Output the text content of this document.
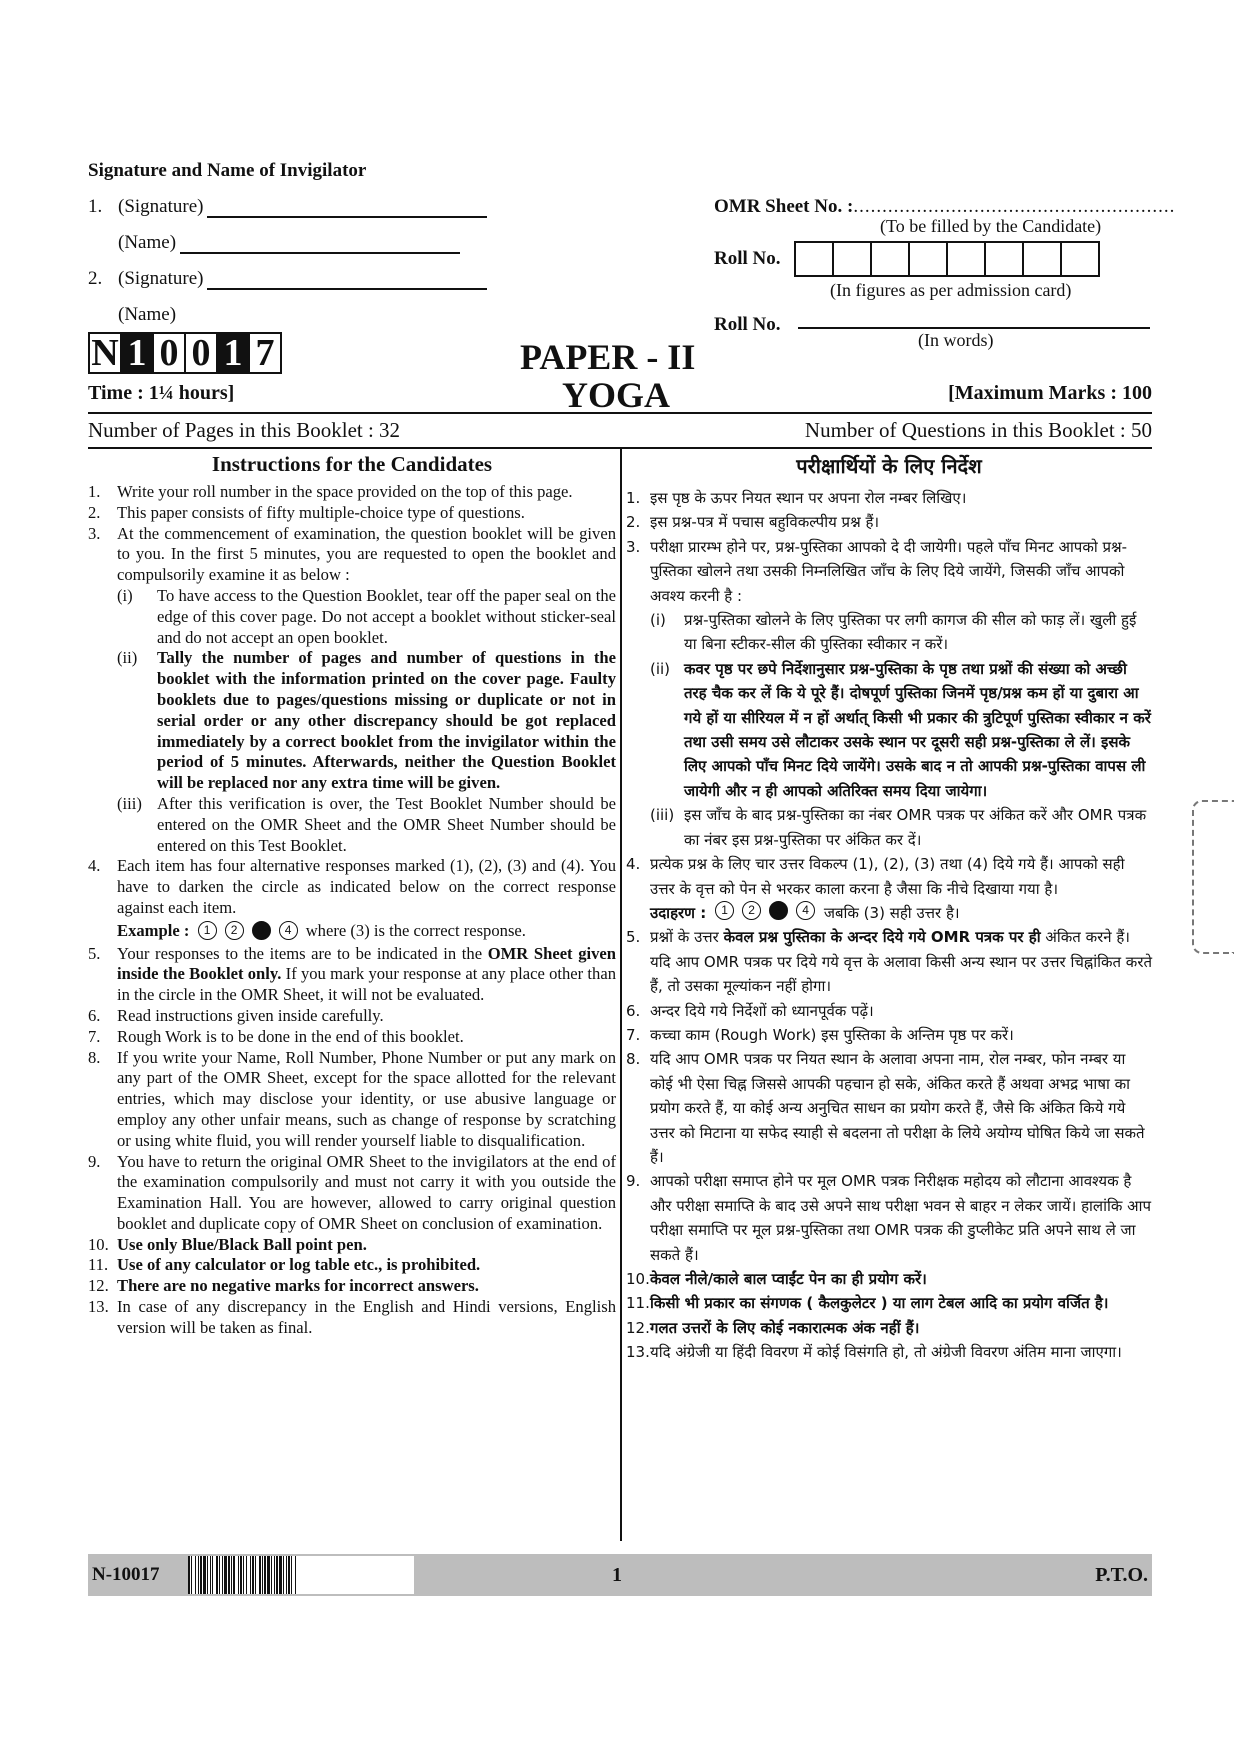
Signature and Name of Invigilator
1. (Signature)
(Name)
2. (Signature)
(Name)
OMR Sheet No. :........................................................
(To be filled by the Candidate)
Roll No.
(In figures as per admission card)
Roll No.
(In words)
N 1 0 0 1 7	PAPER - II
YOGA
Time : 1¼ hours]	[Maximum Marks : 100
Number of Pages in this Booklet : 32	Number of Questions in this Booklet : 50
Instructions for the Candidates	परीक्षार्थियों के लिए निर्देश
1. Write your roll number in the space provided on the top of this page.
2. This paper consists of fifty multiple-choice type of questions.
3. At the commencement of examination, the question booklet will be given to you. In the first 5 minutes, you are requested to open the booklet and compulsorily examine it as below :
(i)	To have access to the Question Booklet, tear off the paper seal on the edge of this cover page. Do not accept a booklet without sticker-seal and do not accept an open booklet.
(ii)	Tally the number of pages and number of questions in the booklet with the information printed on the cover page. Faulty booklets due to pages/questions missing or duplicate or not in serial order or any other discrepancy should be got replaced immediately by a correct booklet from the invigilator within the period of 5 minutes. Afterwards, neither the Question Booklet will be replaced nor any extra time will be given.
(iii) After this verification is over, the Test Booklet Number should be entered on the OMR Sheet and the OMR Sheet Number should be entered on this Test Booklet.
4. Each item has four alternative responses marked (1), (2), (3) and (4). You have to darken the circle as indicated below on the correct response against each item.
Example :
	1	2	3	4
where (3) is the correct response.
5. Your responses to the items are to be indicated in the OMR Sheet given inside the Booklet only. If you mark your response at any place other than in the circle in the OMR Sheet, it will not be evaluated.
6. Read instructions given inside carefully.
7. Rough Work is to be done in the end of this booklet.
8. If you write your Name, Roll Number, Phone Number or put any mark on any part of the OMR Sheet, except for the space allotted for the relevant entries, which may disclose your identity, or use abusive language or employ any other unfair means, such as change of response by scratching or using white fluid, you will render yourself liable to disqualification.
9. You have to return the original OMR Sheet to the invigilators at the end of the examination compulsorily and must not carry it with you outside the Examination Hall. You are however, allowed to carry original question booklet and duplicate copy of OMR Sheet on conclusion of examination.
10. Use only Blue/Black Ball point pen.
11. Use of any calculator or log table etc., is prohibited.
12. There are no negative marks for incorrect answers.
13. In case of any discrepancy in the English and Hindi versions, English version will be taken as final.
1. इस पृष्ठ के ऊपर नियत स्थान पर अपना रोल नम्बर लिखिए।
2. इस प्रश्न-पत्र में पचास बहुविकल्पीय प्रश्न हैं।
3. परीक्षा प्रारम्भ होने पर, प्रश्न-पुस्तिका आपको दे दी जायेगी। पहले पाँच मिनट आपको प्रश्न-पुस्तिका खोलने तथा उसकी निम्नलिखित जाँच के लिए दिये जायेंगे, जिसकी जाँच आपको अवश्य करनी है :
(i)	प्रश्न-पुस्तिका खोलने के लिए पुस्तिका पर लगी कागज की सील को फाड़ लें। खुली हुई या बिना स्टीकर-सील की पुस्तिका स्वीकार न करें।
(ii) कवर पृष्ठ पर छपे निर्देशानुसार प्रश्न-पुस्तिका के पृष्ठ तथा प्रश्नों की संख्या को अच्छी तरह चैक कर लें कि ये पूरे हैं। दोषपूर्ण पुस्तिका जिनमें पृष्ठ/प्रश्न कम हों या दुबारा आ गये हों या सीरियल में न हों अर्थात् किसी भी प्रकार की त्रुटिपूर्ण पुस्तिका स्वीकार न करें तथा उसी समय उसे लौटाकर उसके स्थान पर दूसरी सही प्रश्न-पुस्तिका ले लें। इसके लिए आपको पाँच मिनट दिये जायेंगे। उसके बाद न तो आपकी प्रश्न-पुस्तिका वापस ली जायेगी और न ही आपको अतिरिक्त समय दिया जायेगा।
(iii) इस जाँच के बाद प्रश्न-पुस्तिका का नंबर OMR पत्रक पर अंकित करें और OMR पत्रक का नंबर इस प्रश्न-पुस्तिका पर अंकित कर दें।
4. प्रत्येक प्रश्न के लिए चार उत्तर विकल्प (1), (2), (3) तथा (4) दिये गये हैं। आपको सही उत्तर के वृत्त को पेन से भरकर काला करना है जैसा कि नीचे दिखाया गया है।
उदाहरण :
	1	2	3	4
जबकि (3) सही उत्तर है।
5. प्रश्नों के उत्तर केवल प्रश्न पुस्तिका के अन्दर दिये गये OMR पत्रक पर ही अंकित करने हैं। यदि आप OMR पत्रक पर दिये गये वृत्त के अलावा किसी अन्य स्थान पर उत्तर चिह्नांकित करते हैं, तो उसका मूल्यांकन नहीं होगा।
6. अन्दर दिये गये निर्देशों को ध्यानपूर्वक पढ़ें।
7. कच्चा काम (Rough Work) इस पुस्तिका के अन्तिम पृष्ठ पर करें।
8. यदि आप OMR पत्रक पर नियत स्थान के अलावा अपना नाम, रोल नम्बर, फोन नम्बर या कोई भी ऐसा चिह्न जिससे आपकी पहचान हो सके, अंकित करते हैं अथवा अभद्र भाषा का प्रयोग करते हैं, या कोई अन्य अनुचित साधन का प्रयोग करते हैं, जैसे कि अंकित किये गये उत्तर को मिटाना या सफेद स्याही से बदलना तो परीक्षा के लिये अयोग्य घोषित किये जा सकते हैं।
9. आपको परीक्षा समाप्त होने पर मूल OMR पत्रक निरीक्षक महोदय को लौटाना आवश्यक है और परीक्षा समाप्ति के बाद उसे अपने साथ परीक्षा भवन से बाहर न लेकर जायें। हालांकि आप परीक्षा समाप्ति पर मूल प्रश्न-पुस्तिका तथा OMR पत्रक की डुप्लीकेट प्रति अपने साथ ले जा सकते हैं।
10. केवल नीले/काले बाल प्वाईंट पेन का ही प्रयोग करें।
11. किसी भी प्रकार का संगणक ( कैलकुलेटर ) या लाग टेबल आदि का प्रयोग वर्जित है।
12. गलत उत्तरों के लिए कोई नकारात्मक अंक नहीं हैं।
13. यदि अंग्रेजी या हिंदी विवरण में कोई विसंगति हो, तो अंग्रेजी विवरण अंतिम माना जाएगा।
N-10017	1	P.T.O.
